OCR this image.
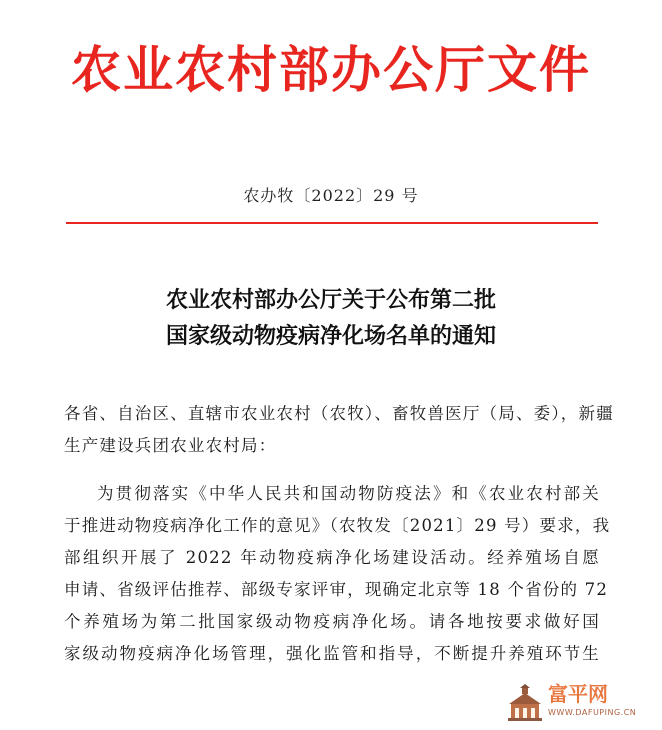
农业农村部办公厅文件
农办牧〔2022〕29 号
农业农村部办公厅关于公布第二批
国家级动物疫病净化场名单的通知
各省、自治区、直辖市农业农村（农牧）、畜牧兽医厅（局、委），新疆
生产建设兵团农业农村局：
为贯彻落实《中华人民共和国动物防疫法》和《农业农村部关
于推进动物疫病净化工作的意见》（农牧发〔2021〕29 号）要求，我
部组织开展了 2022 年动物疫病净化场建设活动。经养殖场自愿
申请、省级评估推荐、部级专家评审，现确定北京等 18 个省份的 72
个养殖场为第二批国家级动物疫病净化场。请各地按要求做好国
家级动物疫病净化场管理，强化监管和指导，不断提升养殖环节生
富平网
WWW.DAFUPING.CN
